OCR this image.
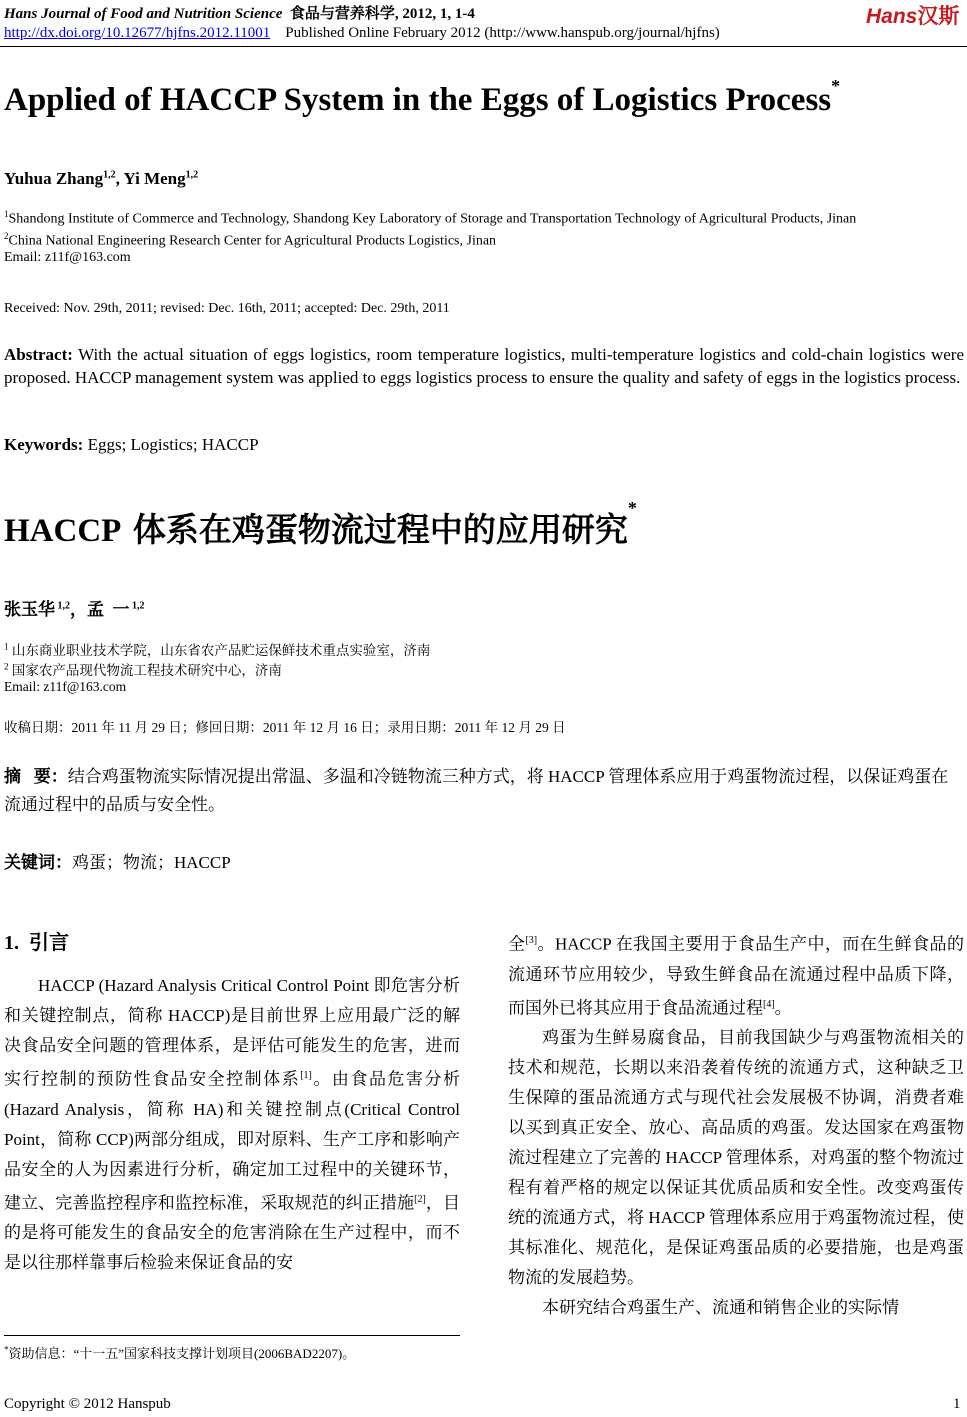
Hans Journal of Food and Nutrition Science 食品与营养科学, 2012, 1, 1-4	Hans汉斯
http://dx.doi.org/10.12677/hjfns.2012.11001 Published Online February 2012 (http://www.hanspub.org/journal/hjfns)
Applied of HACCP System in the Eggs of Logistics Process*
Yuhua Zhang$^{1,2}$, Yi Meng$^{1,2}$
$^1$Shandong Institute of Commerce and Technology, Shandong Key Laboratory of Storage and Transportation Technology of Agricultural Products, Jinan
$^2$China National Engineering Research Center for Agricultural Products Logistics, Jinan
Email: z11f@163.com
Received: Nov. 29th, 2011; revised: Dec. 16th, 2011; accepted: Dec. 29th, 2011
Abstract: With the actual situation of eggs logistics, room temperature logistics, multi-temperature logistics and cold-chain logistics were proposed. HACCP management system was applied to eggs logistics process to ensure the quality and safety of eggs in the logistics process.
Keywords: Eggs; Logistics; HACCP
HACCP 体系在鸡蛋物流过程中的应用研究*
张玉华 $^{1,2}$，孟  一 $^{1,2}$
$^1$ 山东商业职业技术学院，山东省农产品贮运保鲜技术重点实验室，济南
$^2$ 国家农产品现代物流工程技术研究中心，济南
Email: z11f@163.com
收稿日期：2011 年 11 月 29 日；修回日期：2011 年 12 月 16 日；录用日期：2011 年 12 月 29 日
摘   要：结合鸡蛋物流实际情况提出常温、多温和冷链物流三种方式，将 HACCP 管理体系应用于鸡蛋物流过程，以保证鸡蛋在流通过程中的品质与安全性。
关键词：鸡蛋；物流；HACCP
1.  引言

HACCP (Hazard Analysis Critical Control Point 即危害分析和关键控制点，简称 HACCP)是目前世界上应用最广泛的解决食品安全问题的管理体系，是评估可能发生的危害，进而实行控制的预防性食品安全控制体系[1]。由食品危害分析(Hazard Analysis，简称 HA)和关键控制点(Critical Control Point，简称 CCP)两部分组成，即对原料、生产工序和影响产品安全的人为因素进行分析，确定加工过程中的关键环节，建立、完善监控程序和监控标准，采取规范的纠正措施[2]，目的是将可能发生的食品安全的危害消除在生产过程中，而不是以往那样靠事后检验来保证食品的安

全[3]。HACCP 在我国主要用于食品生产中，而在生鲜食品的流通环节应用较少，导致生鲜食品在流通过程中品质下降，而国外已将其应用于食品流通过程[4]。

鸡蛋为生鲜易腐食品，目前我国缺少与鸡蛋物流相关的技术和规范，长期以来沿袭着传统的流通方式，这种缺乏卫生保障的蛋品流通方式与现代社会发展极不协调，消费者难以买到真正安全、放心、高品质的鸡蛋。发达国家在鸡蛋物流过程建立了完善的 HACCP 管理体系，对鸡蛋的整个物流过程有着严格的规定以保证其优质品质和安全性。改变鸡蛋传统的流通方式，将 HACCP 管理体系应用于鸡蛋物流过程，使其标准化、规范化，是保证鸡蛋品质的必要措施，也是鸡蛋物流的发展趋势。

本研究结合鸡蛋生产、流通和销售企业的实际情

*资助信息：“十一五”国家科技支撑计划项目(2006BAD2207)。
Copyright © 2012 Hanspub	1
